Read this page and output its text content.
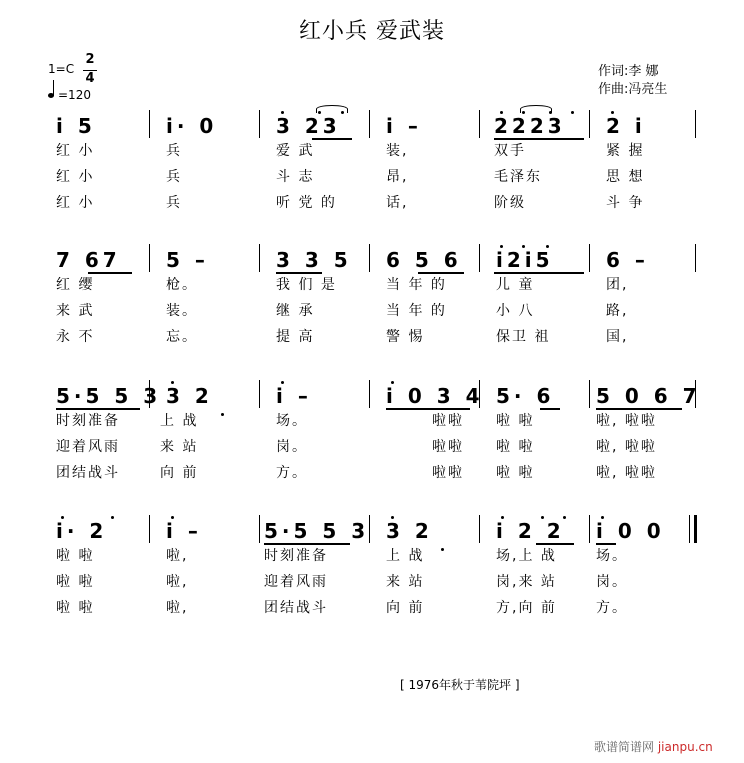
红小兵 爱武装
1=C
2
4
=120
作词:李 娜
作曲:冯亮生
i 5	i· 0	3 23 i –	2223 2 i
红 小	兵	爱 武	装,	双手	紧 握
红 小	兵	斗 志	昂,	毛泽东	思 想
红 小	兵	听 党 的	话,	阶级	斗 争
7 67 5 –	3 3 5 6 5 6 i2i5	6 –
红 缨	枪。	我 们 是	当 年 的	儿 童	团,
来 武	装。	继 承	当 年 的	小 八	路,
永 不	忘。	提 高	警 惕	保卫 祖	国,
5·5 5 3 3 2	i –	i 0 3 4 5· 6 5 0 6 7
时刻准备	上 战	场。	啦啦 啦 啦	啦, 啦啦
迎着风雨	来 站	岗。	啦啦 啦 啦	啦, 啦啦
团结战斗	向 前	方。	啦啦 啦 啦	啦, 啦啦
i· 2	i –	5·5 5 3 3 2	i 2 2 i 0 0
啦 啦	啦,	时刻准备	上 战	场,上 战	场。
啦 啦	啦,	迎着风雨	来 站	岗,来 站	岗。
啦 啦	啦,	团结战斗	向 前	方,向 前	方。
[ 1976年秋于苇院坪 ]
歌谱简谱网 jianpu.cn
